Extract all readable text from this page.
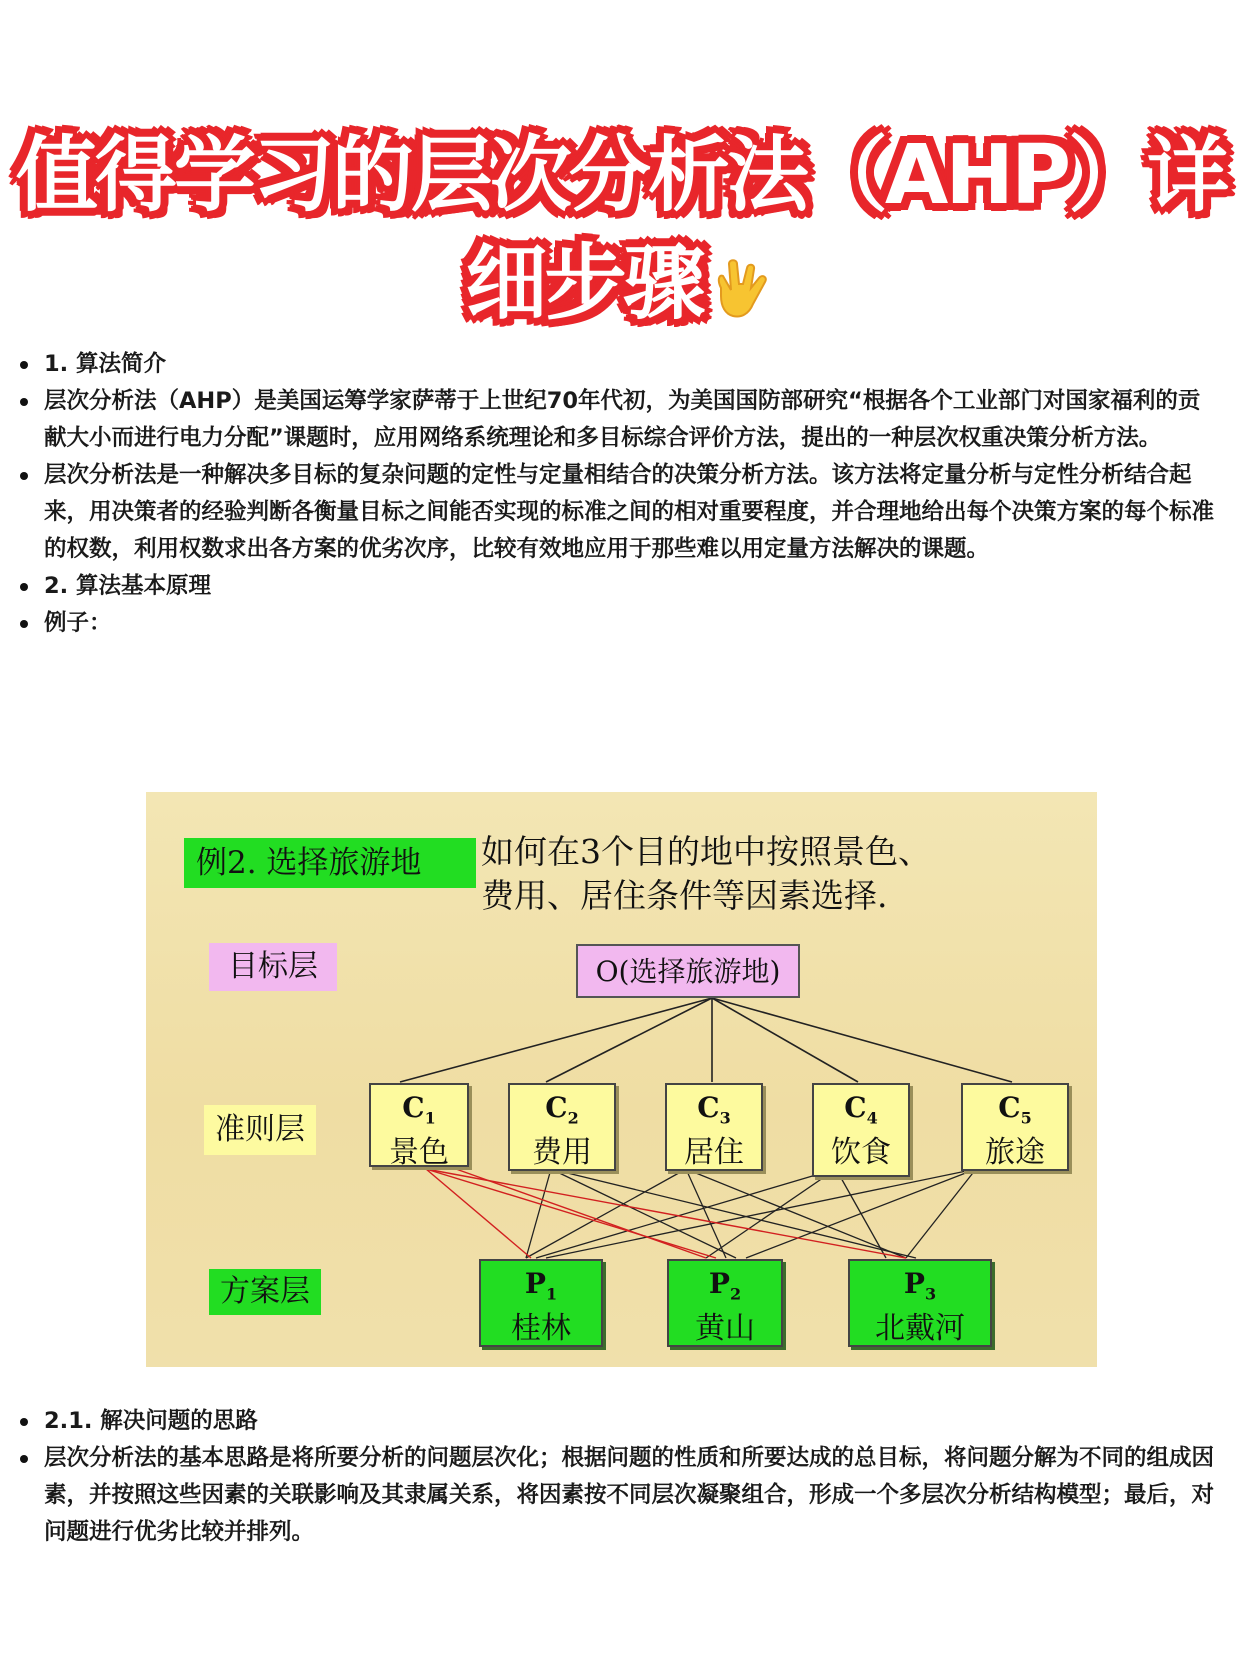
值得学习的层次分析法（AHP）详
细步骤
1. 算法简介
层次分析法（AHP）是美国运筹学家萨蒂于上世纪70年代初，为美国国防部研究“根据各个工业部门对国家福利的贡献大小而进行电力分配”课题时，应用网络系统理论和多目标综合评价方法，提出的一种层次权重决策分析方法。
层次分析法是一种解决多目标的复杂问题的定性与定量相结合的决策分析方法。该方法将定量分析与定性分析结合起来，用决策者的经验判断各衡量目标之间能否实现的标准之间的相对重要程度，并合理地给出每个决策方案的每个标准的权数，利用权数求出各方案的优劣次序，比较有效地应用于那些难以用定量方法解决的课题。
2. 算法基本原理
例子：
例2. 选择旅游地	如何在3个目的地中按照景色、
费用、居住条件等因素选择.
目标层	O(选择旅游地)
准则层
$C_1$
景色
$C_2$
费用
$C_3$
居住
$C_4$
饮食
$C_5$
旅途
方案层	$P_1$
桂林
$P_2$
黄山
$P_3$
北戴河
2.1. 解决问题的思路
层次分析法的基本思路是将所要分析的问题层次化；根据问题的性质和所要达成的总目标，将问题分解为不同的组成因素，并按照这些因素的关联影响及其隶属关系，将因素按不同层次凝聚组合，形成一个多层次分析结构模型；最后，对问题进行优劣比较并排列。
